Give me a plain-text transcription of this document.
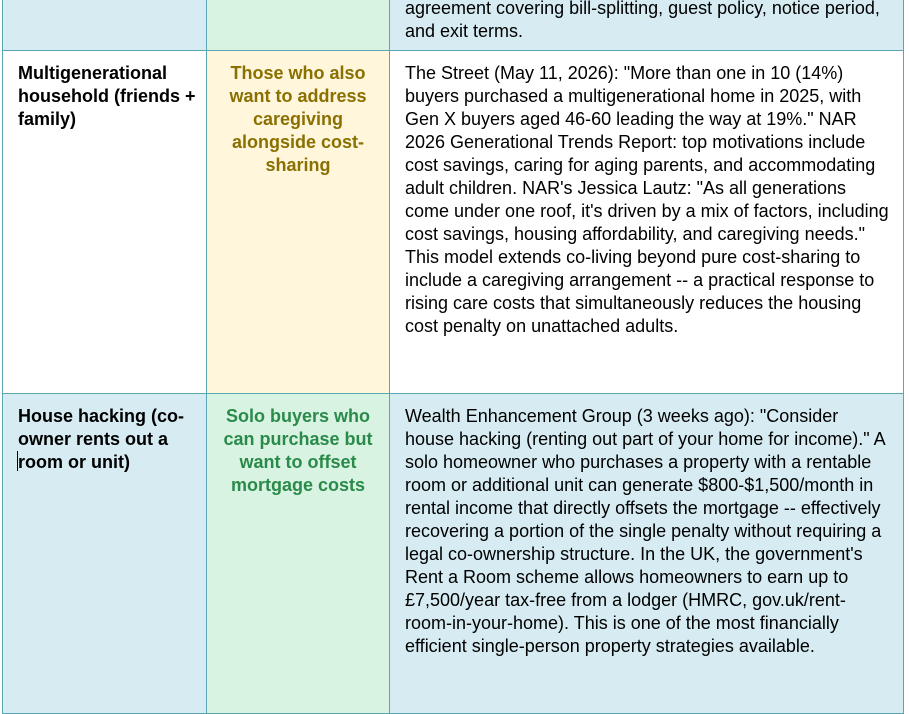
		agreement covering bill-splitting, guest policy, notice period, and exit terms.

Multigenerational household (friends + family)	Those who also want to address caregiving alongside cost-sharing	The Street (May 11, 2026): "More than one in 10 (14%) buyers purchased a multigenerational home in 2025, with Gen X buyers aged 46-60 leading the way at 19%." NAR 2026 Generational Trends Report: top motivations include cost savings, caring for aging parents, and accommodating adult children. NAR's Jessica Lautz: "As all generations come under one roof, it's driven by a mix of factors, including cost savings, housing affordability, and caregiving needs." This model extends co-living beyond pure cost-sharing to include a caregiving arrangement -- a practical response to rising care costs that simultaneously reduces the housing cost penalty on unattached adults.

House hacking (co-owner rents out a room or unit)	Solo buyers who can purchase but want to offset mortgage costs	Wealth Enhancement Group (3 weeks ago): "Consider house hacking (renting out part of your home for income)." A solo homeowner who purchases a property with a rentable room or additional unit can generate $800-$1,500/month in rental income that directly offsets the mortgage -- effectively recovering a portion of the single penalty without requiring a legal co-ownership structure. In the UK, the government's Rent a Room scheme allows homeowners to earn up to £7,500/year tax-free from a lodger (HMRC, gov.uk/rent-room-in-your-home). This is one of the most financially efficient single-person property strategies available.
